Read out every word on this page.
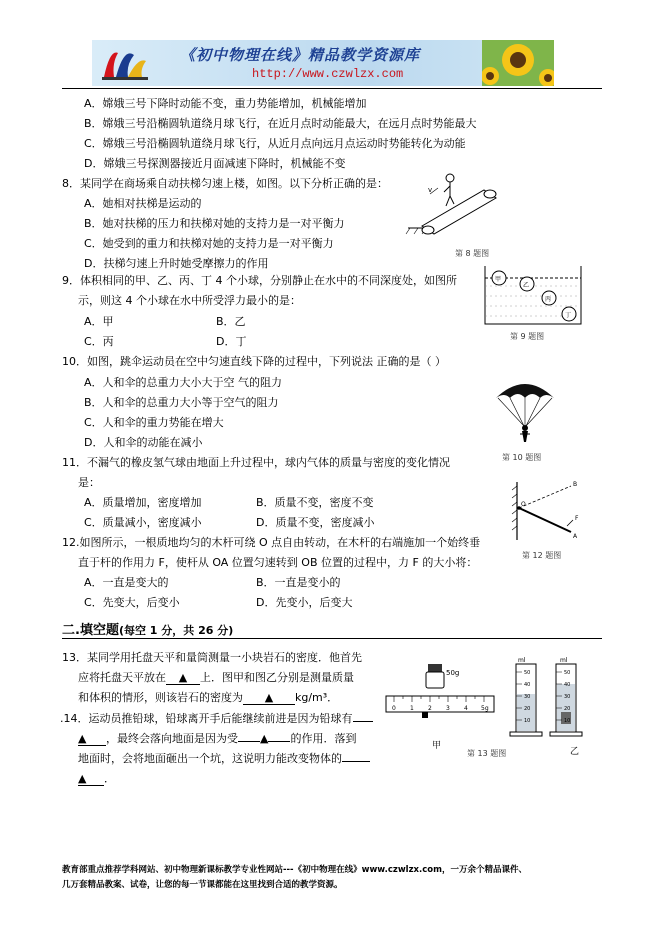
《初中物理在线》精品教学资源库
http://www.czwlzx.com
A．嫦娥三号下降时动能不变，重力势能增加，机械能增加
B．嫦娥三号沿椭圆轨道绕月球飞行，在近月点时动能最大，在远月点时势能最大
C．嫦娥三号沿椭圆轨道绕月球飞行，从近月点向远月点运动时势能转化为动能
D．嫦娥三号探测器接近月面减速下降时，机械能不变
8．某同学在商场乘自动扶梯匀速上楼，如图。以下分析正确的是：
A．她相对扶梯是运动的
B．她对扶梯的压力和扶梯对她的支持力是一对平衡力
C．她受到的重力和扶梯对她的支持力是一对平衡力
D．扶梯匀速上升时她受摩擦力的作用
v
第 8 题图
9．体积相同的甲、乙、丙、丁 4 个小球，分别静止在水中的不同深度处，如图所
示，则这 4 个小球在水中所受浮力最小的是：
A．甲	B．乙
C．丙	D．丁
甲
乙
丙
丁
第 9 题图
10．如图，跳伞运动员在空中匀速直线下降的过程中，下列说法 正确的是（ ）
A．人和伞的总重力大小大于空 气的阻力
B．人和伞的总重力大小等于空气的阻力
C．人和伞的重力势能在增大
D．人和伞的动能在减小
第 10 题图
11．不漏气的橡皮氢气球由地面上升过程中，球内气体的质量与密度的变化情况
是：
A．质量增加，密度增加	B．质量不变，密度不变
C．质量减小，密度减小	D．质量不变，密度减小
12.如图所示，一根质地均匀的木杆可绕 O 点自由转动，在木杆的右端施加一个始终垂
直于杆的作用力 F，使杆从 OA 位置匀速转到 OB 位置的过程中，力 F 的大小将：
A．一直是变大的	B．一直是变小的
C．先变大，后变小	D．先变小，后变大
O
A
B
F
第 12 题图
二.填空题(每空 1 分，共 26 分)
13．某同学用托盘天平和量筒测量一小块岩石的密度．他首先
应将托盘天平放在 ▲ 上．图甲和图乙分别是测量质量
和体积的情形，则该岩石的密度为 ▲ kg/m³．
50g
0 1 2 3 4 5g
甲
ml	ml
50
40
30
20
10
50
40
30
20
10
乙
第 13 题图
.14．运动员推铅球，铅球离开手后能继续前进是因为铅球有
▲ ，最终会落向地面是因为受 ▲ 的作用．落到
地面时，会将地面砸出一个坑，这说明力能改变物体的
▲ ．
教育部重点推荐学科网站、初中物理新课标教学专业性网站---《初中物理在线》www.czwlzx.com，一万余个精品课件、
几万套精品教案、试卷，让您的每一节课都能在这里找到合适的教学资源。
